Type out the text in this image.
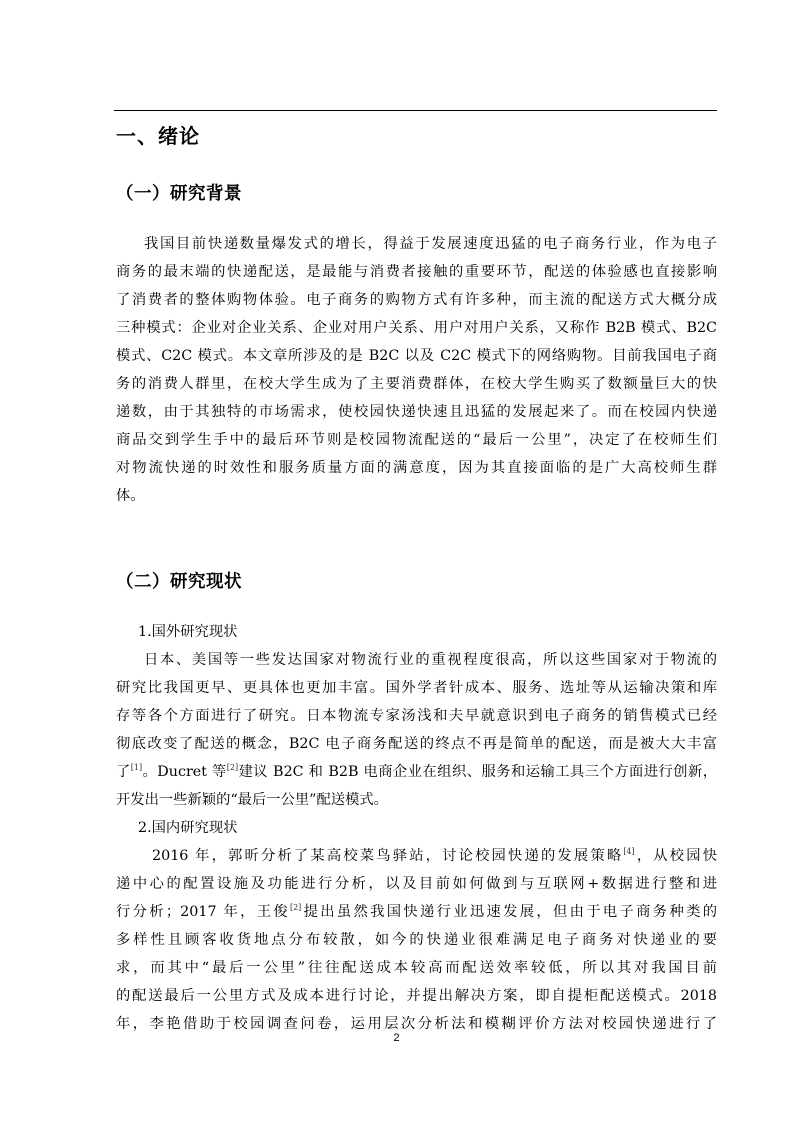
一、绪论
（一）研究背景
我国目前快递数量爆发式的增长，得益于发展速度迅猛的电子商务行业，作为电子
商务的最末端的快递配送，是最能与消费者接触的重要环节，配送的体验感也直接影响
了消费者的整体购物体验。电子商务的购物方式有许多种，而主流的配送方式大概分成
三种模式：企业对企业关系、企业对用户关系、用户对用户关系，又称作 B2B 模式、B2C
模式、C2C 模式。本文章所涉及的是 B2C 以及 C2C 模式下的网络购物。目前我国电子商
务的消费人群里，在校大学生成为了主要消费群体，在校大学生购买了数额量巨大的快
递数，由于其独特的市场需求，使校园快递快速且迅猛的发展起来了。而在校园内快递
商品交到学生手中的最后环节则是校园物流配送的“最后一公里”，决定了在校师生们
对物流快递的时效性和服务质量方面的满意度，因为其直接面临的是广大高校师生群
体。
（二）研究现状
1.国外研究现状
日本、美国等一些发达国家对物流行业的重视程度很高，所以这些国家对于物流的
研究比我国更早、更具体也更加丰富。国外学者针成本、服务、选址等从运输决策和库
存等各个方面进行了研究。日本物流专家汤浅和夫早就意识到电子商务的销售模式已经
彻底改变了配送的概念，B2C 电子商务配送的终点不再是简单的配送，而是被大大丰富
了[1]。Ducret 等[2]建议 B2C 和 B2B 电商企业在组织、服务和运输工具三个方面进行创新，
开发出一些新颖的“最后一公里”配送模式。
2.国内研究现状
2016 年，郭昕分析了某高校菜鸟驿站，讨论校园快递的发展策略[4]，从校园快
递中心的配置设施及功能进行分析，以及目前如何做到与互联网+数据进行整和进
行分析；2017 年，王俊[2]提出虽然我国快递行业迅速发展，但由于电子商务种类的
多样性且顾客收货地点分布较散，如今的快递业很难满足电子商务对快递业的要
求，而其中“最后一公里”往往配送成本较高而配送效率较低，所以其对我国目前
的配送最后一公里方式及成本进行讨论，并提出解决方案，即自提柜配送模式。2018
年，李艳借助于校园调查问卷，运用层次分析法和模糊评价方法对校园快递进行了
2
